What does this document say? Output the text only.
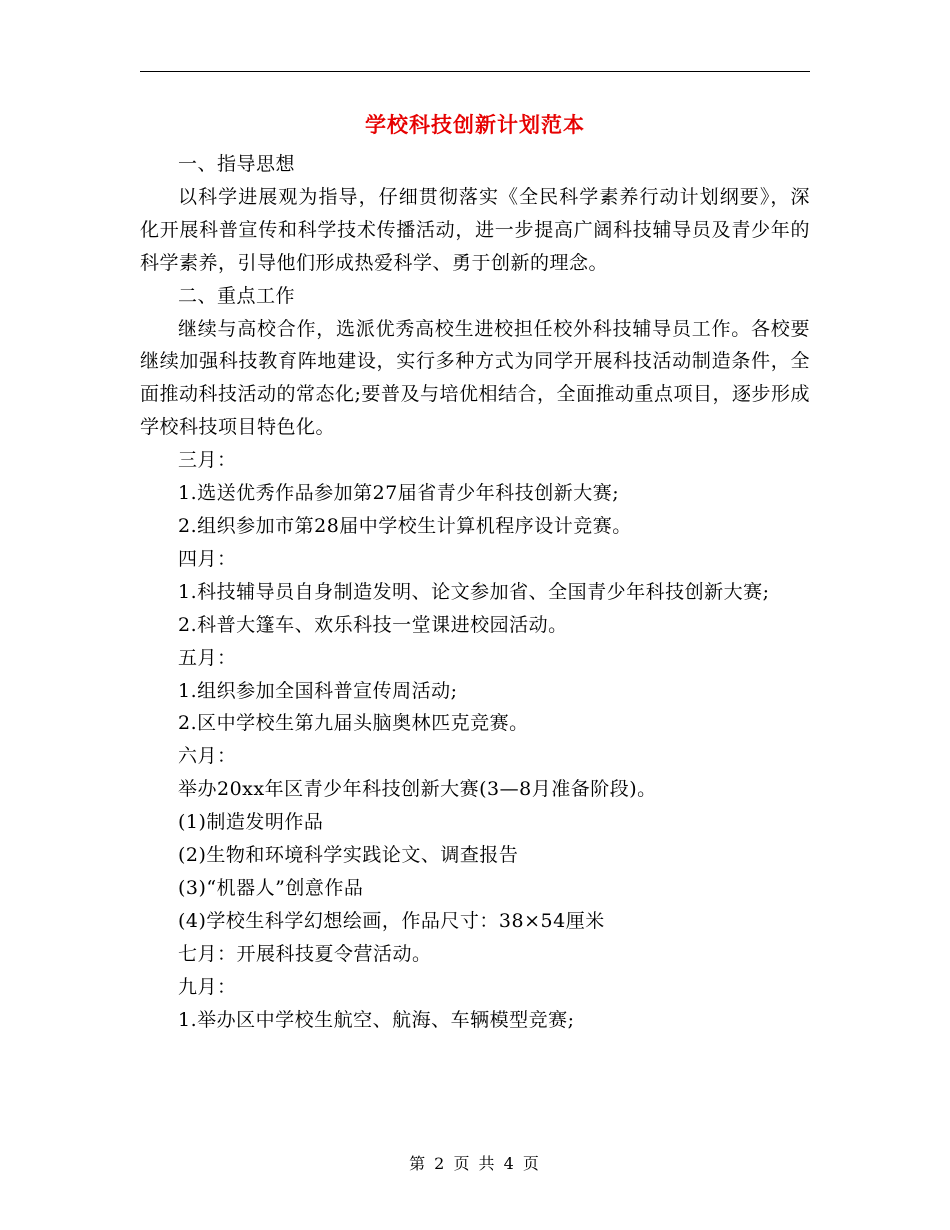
学校科技创新计划范本

一、指导思想

以科学进展观为指导，仔细贯彻落实《全民科学素养行动计划纲要》，深化开展科普宣传和科学技术传播活动，进一步提高广阔科技辅导员及青少年的科学素养，引导他们形成热爱科学、勇于创新的理念。

二、重点工作

继续与高校合作，选派优秀高校生进校担任校外科技辅导员工作。各校要继续加强科技教育阵地建设，实行多种方式为同学开展科技活动制造条件，全面推动科技活动的常态化;要普及与培优相结合，全面推动重点项目，逐步形成学校科技项目特色化。

三月：

1.选送优秀作品参加第27届省青少年科技创新大赛;

2.组织参加市第28届中学校生计算机程序设计竞赛。

四月：

1.科技辅导员自身制造发明、论文参加省、全国青少年科技创新大赛;

2.科普大篷车、欢乐科技一堂课进校园活动。

五月：

1.组织参加全国科普宣传周活动;

2.区中学校生第九届头脑奥林匹克竞赛。

六月：

举办20xx年区青少年科技创新大赛(3—8月准备阶段)。

(1)制造发明作品

(2)生物和环境科学实践论文、调查报告

(3)“机器人”创意作品

(4)学校生科学幻想绘画，作品尺寸：38×54厘米

七月：开展科技夏令营活动。

九月：

1.举办区中学校生航空、航海、车辆模型竞赛;

第 2 页 共 4 页
